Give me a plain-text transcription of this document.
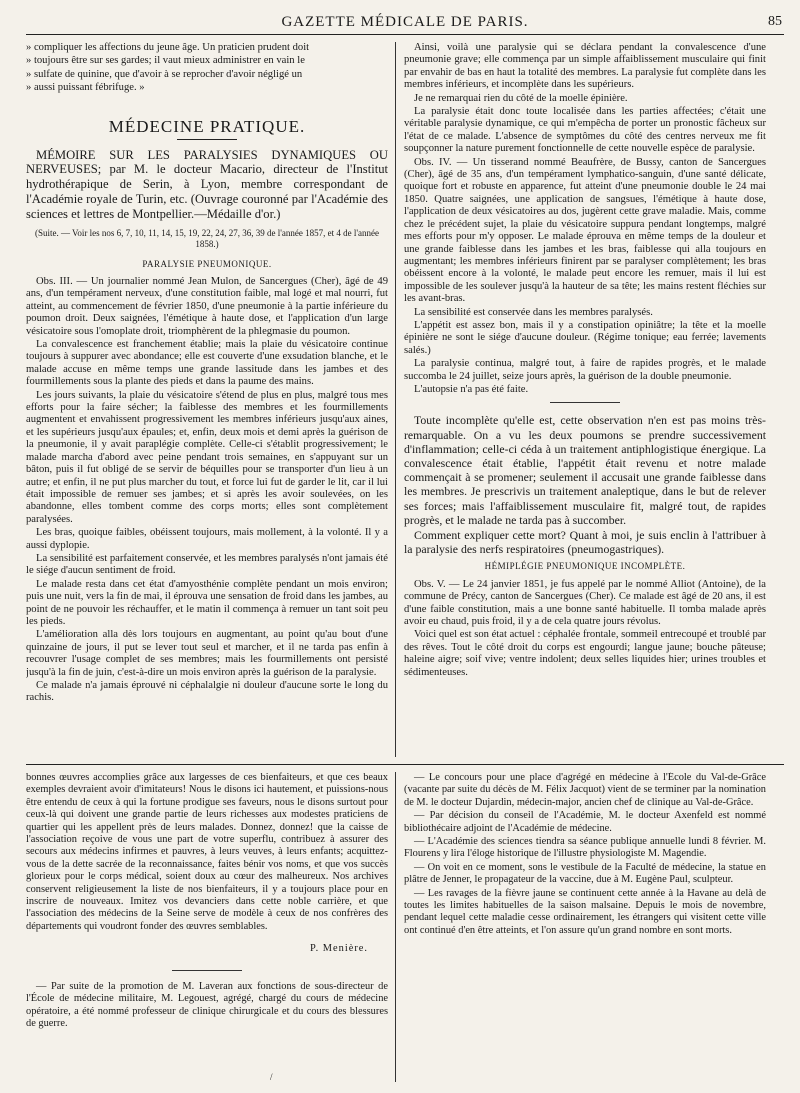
GAZETTE MÉDICALE DE PARIS.	85

» compliquer les affections du jeune âge. Un praticien prudent doit

» toujours être sur ses gardes; il vaut mieux administrer en vain le

» sulfate de quinine, que d'avoir à se reprocher d'avoir négligé un

» aussi puissant fébrifuge. »

MÉDECINE PRATIQUE.

MÉMOIRE SUR LES PARALYSIES DYNAMIQUES OU NERVEUSES; par M. le docteur Macario, directeur de l'Institut hydrothérapique de Serin, à Lyon, membre correspondant de l'Académie royale de Turin, etc. (Ouvrage couronné par l'Académie des sciences et lettres de Montpellier.—Médaille d'or.)

(Suite. — Voir les nos 6, 7, 10, 11, 14, 15, 19, 22, 24, 27, 36, 39 de l'année 1857, et 4 de l'année 1858.)

PARALYSIE PNEUMONIQUE.

Obs. III. — Un journalier nommé Jean Mulon, de Sancergues (Cher), âgé de 49 ans, d'un tempérament nerveux, d'une constitution faible, mal logé et mal nourri, fut atteint, au commencement de février 1850, d'une pneumonie à la partie inférieure du poumon droit. Deux saignées, l'émétique à haute dose, et l'application d'un large vésicatoire sous l'omoplate droit, triomphèrent de la phlegmasie du poumon.

La convalescence est franchement établie; mais la plaie du vésicatoire continue toujours à suppurer avec abondance; elle est couverte d'une exsudation blanche, et le malade accuse en même temps une grande lassitude dans les jambes et des fourmillements sous la plante des pieds et dans la paume des mains.

Les jours suivants, la plaie du vésicatoire s'étend de plus en plus, malgré tous mes efforts pour la faire sécher; la faiblesse des membres et les fourmillements augmentent et envahissent progressivement les membres inférieurs jusqu'aux aines, et les supérieurs jusqu'aux épaules; et, enfin, deux mois et demi après la guérison de la pneumonie, il y avait paraplégie complète. Celle-ci s'établit progressivement; le malade marcha d'abord avec peine pendant trois semaines, en s'appuyant sur un bâton, puis il fut obligé de se servir de béquilles pour se transporter d'un lieu à un autre; et enfin, il ne put plus marcher du tout, et force lui fut de garder le lit, car il lui était impossible de remuer ses jambes; et si après les avoir soulevées, on les abandonne, elles tombent comme des corps morts; elles sont complètement paralysées.

Les bras, quoique faibles, obéissent toujours, mais mollement, à la volonté. Il y a aussi dyplopie.

La sensibilité est parfaitement conservée, et les membres paralysés n'ont jamais été le siége d'aucun sentiment de froid.

Le malade resta dans cet état d'amyosthénie complète pendant un mois environ; puis une nuit, vers la fin de mai, il éprouva une sensation de froid dans les jambes, au point de ne pouvoir les réchauffer, et le matin il commença à remuer un tant soit peu les pieds.

L'amélioration alla dès lors toujours en augmentant, au point qu'au bout d'une quinzaine de jours, il put se lever tout seul et marcher, et il ne tarda pas enfin à recouvrer l'usage complet de ses membres; mais les fourmillements ont persisté jusqu'à la fin de juin, c'est-à-dire un mois environ après la guérison de la paralysie.

Ce malade n'a jamais éprouvé ni céphalalgie ni douleur d'aucune sorte le long du rachis.

Ainsi, voilà une paralysie qui se déclara pendant la convalescence d'une pneumonie grave; elle commença par un simple affaiblissement musculaire qui finit par envahir de bas en haut la totalité des membres. La paralysie fut complète dans les membres inférieurs, et incomplète dans les supérieurs.

Je ne remarquai rien du côté de la moelle épinière.

La paralysie était donc toute localisée dans les parties affectées; c'était une véritable paralysie dynamique, ce qui m'empêcha de porter un pronostic fâcheux sur l'état de ce malade. L'absence de symptômes du côté des centres nerveux me fit soupçonner la nature purement fonctionnelle de cette nouvelle espèce de paralysie.

Obs. IV. — Un tisserand nommé Beaufrère, de Bussy, canton de Sancergues (Cher), âgé de 35 ans, d'un tempérament lymphatico-sanguin, d'une santé délicate, quoique fort et robuste en apparence, fut atteint d'une pneumonie double le 24 mai 1850. Quatre saignées, une application de sangsues, l'émétique à haute dose, l'application de deux vésicatoires au dos, jugèrent cette grave maladie. Mais, comme chez le précédent sujet, la plaie du vésicatoire suppura pendant longtemps, malgré mes efforts pour m'y opposer. Le malade éprouva en même temps de la douleur et une grande faiblesse dans les jambes et les bras, faiblesse qui alla toujours en augmentant; les membres inférieurs finirent par se paralyser complètement; les bras obéissent encore à la volonté, le malade peut encore les remuer, mais il lui est impossible de les soulever jusqu'à la hauteur de sa tête; les mains restent fléchies sur les avant-bras.

La sensibilité est conservée dans les membres paralysés.

L'appétit est assez bon, mais il y a constipation opiniâtre; la tête et la moelle épinière ne sont le siége d'aucune douleur. (Régime tonique; eau ferrée; lavements salés.)

La paralysie continua, malgré tout, à faire de rapides progrès, et le malade succomba le 24 juillet, seize jours après, la guérison de la double pneumonie.

L'autopsie n'a pas été faite.

Toute incomplète qu'elle est, cette observation n'en est pas moins très-remarquable. On a vu les deux poumons se prendre successivement d'inflammation; celle-ci céda à un traitement antiphlogistique énergique. La convalescence était établie, l'appétit était revenu et notre malade commençait à se promener; seulement il accusait une grande faiblesse dans les membres. Je prescrivis un traitement analeptique, dans le but de relever ses forces; mais l'affaiblissement musculaire fit, malgré tout, de rapides progrès, et le malade ne tarda pas à succomber.

Comment expliquer cette mort? Quant à moi, je suis enclin à l'attribuer à la paralysie des nerfs respiratoires (pneumogastriques).

HÉMIPLÉGIE PNEUMONIQUE INCOMPLÈTE.

Obs. V. — Le 24 janvier 1851, je fus appelé par le nommé Alliot (Antoine), de la commune de Précy, canton de Sancergues (Cher). Ce malade est âgé de 20 ans, il est d'une faible constitution, mais a une bonne santé habituelle. Il tomba malade après avoir eu chaud, puis froid, il y a de cela quatre jours révolus.

Voici quel est son état actuel : céphalée frontale, sommeil entrecoupé et troublé par des rêves. Tout le côté droit du corps est engourdi; langue jaune; bouche pâteuse; haleine aigre; soif vive; ventre indolent; deux selles liquides hier; urines troubles et sédimenteuses.

bonnes œuvres accomplies grâce aux largesses de ces bienfaiteurs, et que ces beaux exemples devraient avoir d'imitateurs! Nous le disons ici hautement, et puissions-nous être entendu de ceux à qui la fortune prodigue ses faveurs, nous le disons surtout pour ceux-là qui doivent une grande partie de leurs richesses aux modestes praticiens de quartier qui les appellent près de leurs malades. Donnez, donnez! que la caisse de l'association reçoive de vous une part de votre superflu, contribuez à assurer des secours aux médecins infirmes et pauvres, à leurs veuves, à leurs enfants; acquittez-vous de la dette sacrée de la reconnaissance, faites bénir vos noms, et que vos succès glorieux pour le corps médical, soient doux au cœur des malheureux. Nos archives conservent religieusement la liste de nos bienfaiteurs, il y a toujours place pour en inscrire de nouveaux. Imitez vos devanciers dans cette noble carrière, et que l'association des médecins de la Seine serve de modèle à ceux de nos confrères des départements qui voudront fonder des œuvres semblables.

P. Menière.

— Par suite de la promotion de M. Laveran aux fonctions de sous-directeur de l'École de médecine militaire, M. Legouest, agrégé, chargé du cours de médecine opératoire, a été nommé professeur de clinique chirurgicale et du cours des blessures de guerre.

— Le concours pour une place d'agrégé en médecine à l'École du Val-de-Grâce (vacante par suite du décès de M. Félix Jacquot) vient de se terminer par la nomination de M. le docteur Dujardin, médecin-major, ancien chef de clinique au Val-de-Grâce.

— Par décision du conseil de l'Académie, M. le docteur Axenfeld est nommé bibliothécaire adjoint de l'Académie de médecine.

— L'Académie des sciences tiendra sa séance publique annuelle lundi 8 février. M. Flourens y lira l'éloge historique de l'illustre physiologiste M. Magendie.

— On voit en ce moment, sons le vestibule de la Faculté de médecine, la statue en plâtre de Jenner, le propagateur de la vaccine, due à M. Eugène Paul, sculpteur.

— Les ravages de la fièvre jaune se continuent cette année à la Havane au delà de toutes les limites habituelles de la saison malsaine. Depuis le mois de novembre, pendant lequel cette maladie cesse ordinairement, les étrangers qui visitent cette ville ont continué d'en être atteints, et l'on assure qu'un grand nombre en sont morts.

/
